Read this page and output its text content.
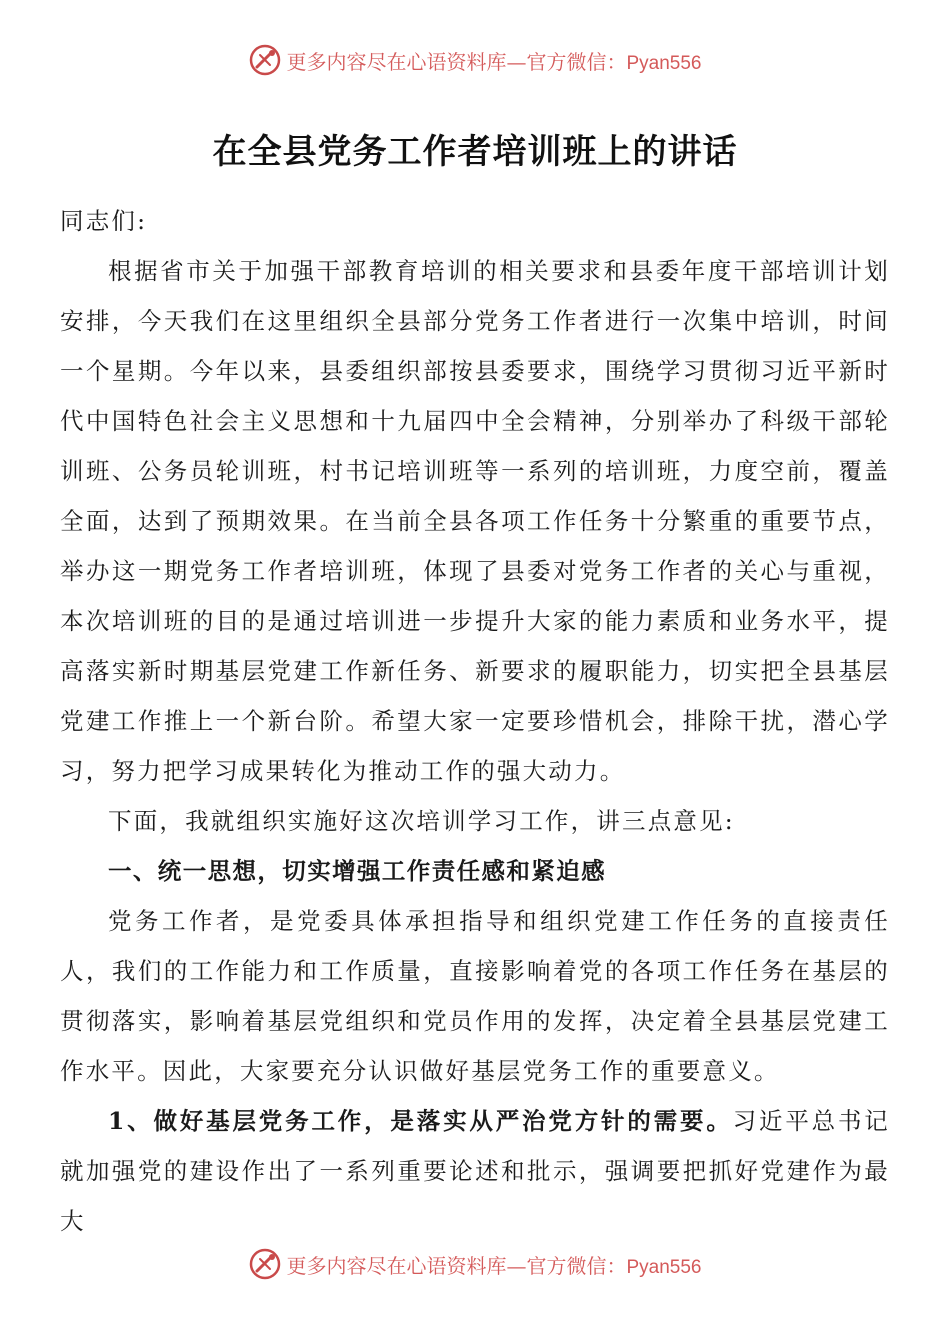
更多内容尽在心语资料库—官方微信：Pyan556
在全县党务工作者培训班上的讲话

同志们:

根据省市关于加强干部教育培训的相关要求和县委年度干部培训计划安排，今天我们在这里组织全县部分党务工作者进行一次集中培训，时间一个星期。今年以来，县委组织部按县委要求，围绕学习贯彻习近平新时代中国特色社会主义思想和十九届四中全会精神，分别举办了科级干部轮训班、公务员轮训班，村书记培训班等一系列的培训班，力度空前，覆盖全面，达到了预期效果。在当前全县各项工作任务十分繁重的重要节点，举办这一期党务工作者培训班，体现了县委对党务工作者的关心与重视，本次培训班的目的是通过培训进一步提升大家的能力素质和业务水平，提高落实新时期基层党建工作新任务、新要求的履职能力，切实把全县基层党建工作推上一个新台阶。希望大家一定要珍惜机会，排除干扰，潜心学习，努力把学习成果转化为推动工作的强大动力。

下面，我就组织实施好这次培训学习工作，讲三点意见:

一、统一思想，切实增强工作责任感和紧迫感

党务工作者，是党委具体承担指导和组织党建工作任务的直接责任人，我们的工作能力和工作质量，直接影响着党的各项工作任务在基层的贯彻落实，影响着基层党组织和党员作用的发挥，决定着全县基层党建工作水平。因此，大家要充分认识做好基层党务工作的重要意义。

1、做好基层党务工作，是落实从严治党方针的需要。习近平总书记就加强党的建设作出了一系列重要论述和批示，强调要把抓好党建作为最大

更多内容尽在心语资料库—官方微信：Pyan556
